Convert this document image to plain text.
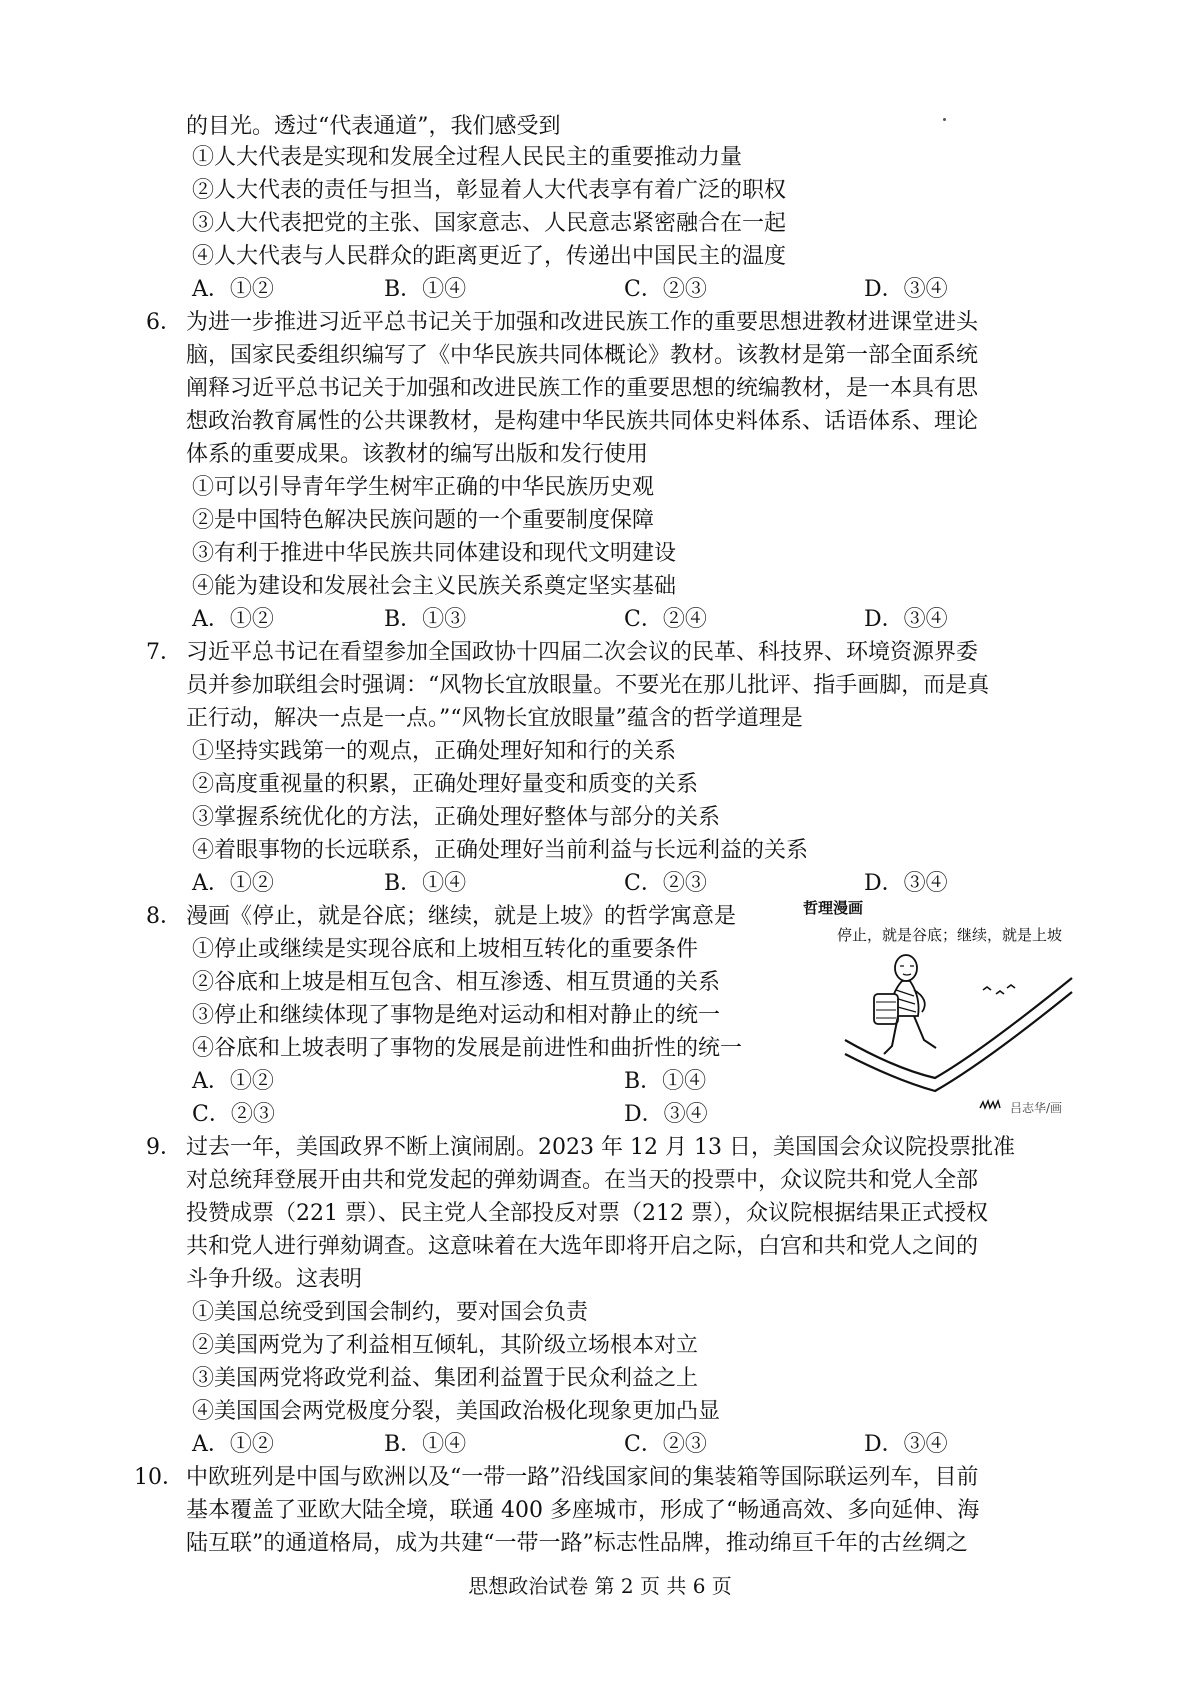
的目光。透过“代表通道”，我们感受到
①人大代表是实现和发展全过程人民民主的重要推动力量
②人大代表的责任与担当，彰显着人大代表享有着广泛的职权
③人大代表把党的主张、国家意志、人民意志紧密融合在一起
④人大代表与人民群众的距离更近了，传递出中国民主的温度
A．①②	B．①④	C．②③	D．③④
6． 为进一步推进习近平总书记关于加强和改进民族工作的重要思想进教材进课堂进头
脑，国家民委组织编写了《中华民族共同体概论》教材。该教材是第一部全面系统
阐释习近平总书记关于加强和改进民族工作的重要思想的统编教材，是一本具有思
想政治教育属性的公共课教材，是构建中华民族共同体史料体系、话语体系、理论
体系的重要成果。该教材的编写出版和发行使用
①可以引导青年学生树牢正确的中华民族历史观
②是中国特色解决民族问题的一个重要制度保障
③有利于推进中华民族共同体建设和现代文明建设
④能为建设和发展社会主义民族关系奠定坚实基础
A．①②	B．①③	C．②④	D．③④
7． 习近平总书记在看望参加全国政协十四届二次会议的民革、科技界、环境资源界委
员并参加联组会时强调：“风物长宜放眼量。不要光在那儿批评、指手画脚，而是真
正行动，解决一点是一点。”“风物长宜放眼量”蕴含的哲学道理是
①坚持实践第一的观点，正确处理好知和行的关系
②高度重视量的积累，正确处理好量变和质变的关系
③掌握系统优化的方法，正确处理好整体与部分的关系
④着眼事物的长远联系，正确处理好当前利益与长远利益的关系
A．①②	B．①④	C．②③	D．③④
8． 漫画《停止，就是谷底；继续，就是上坡》的哲学寓意是
①停止或继续是实现谷底和上坡相互转化的重要条件
②谷底和上坡是相互包含、相互渗透、相互贯通的关系
③停止和继续体现了事物是绝对运动和相对静止的统一
④谷底和上坡表明了事物的发展是前进性和曲折性的统一
A．①②	B．①④
C．②③	D．③④
哲理漫画
停止，就是谷底；继续，就是上坡
吕志华/画
9． 过去一年，美国政界不断上演闹剧。2023 年 12 月 13 日，美国国会众议院投票批准
对总统拜登展开由共和党发起的弹劾调查。在当天的投票中，众议院共和党人全部
投赞成票（221 票）、民主党人全部投反对票（212 票），众议院根据结果正式授权
共和党人进行弹劾调查。这意味着在大选年即将开启之际，白宫和共和党人之间的
斗争升级。这表明
①美国总统受到国会制约，要对国会负责
②美国两党为了利益相互倾轧，其阶级立场根本对立
③美国两党将政党利益、集团利益置于民众利益之上
④美国国会两党极度分裂，美国政治极化现象更加凸显
A．①②	B．①④	C．②③	D．③④
10． 中欧班列是中国与欧洲以及“一带一路”沿线国家间的集装箱等国际联运列车，目前
基本覆盖了亚欧大陆全境，联通 400 多座城市，形成了“畅通高效、多向延伸、海
陆互联”的通道格局，成为共建“一带一路”标志性品牌，推动绵亘千年的古丝绸之
思想政治试卷 第 2 页 共 6 页
